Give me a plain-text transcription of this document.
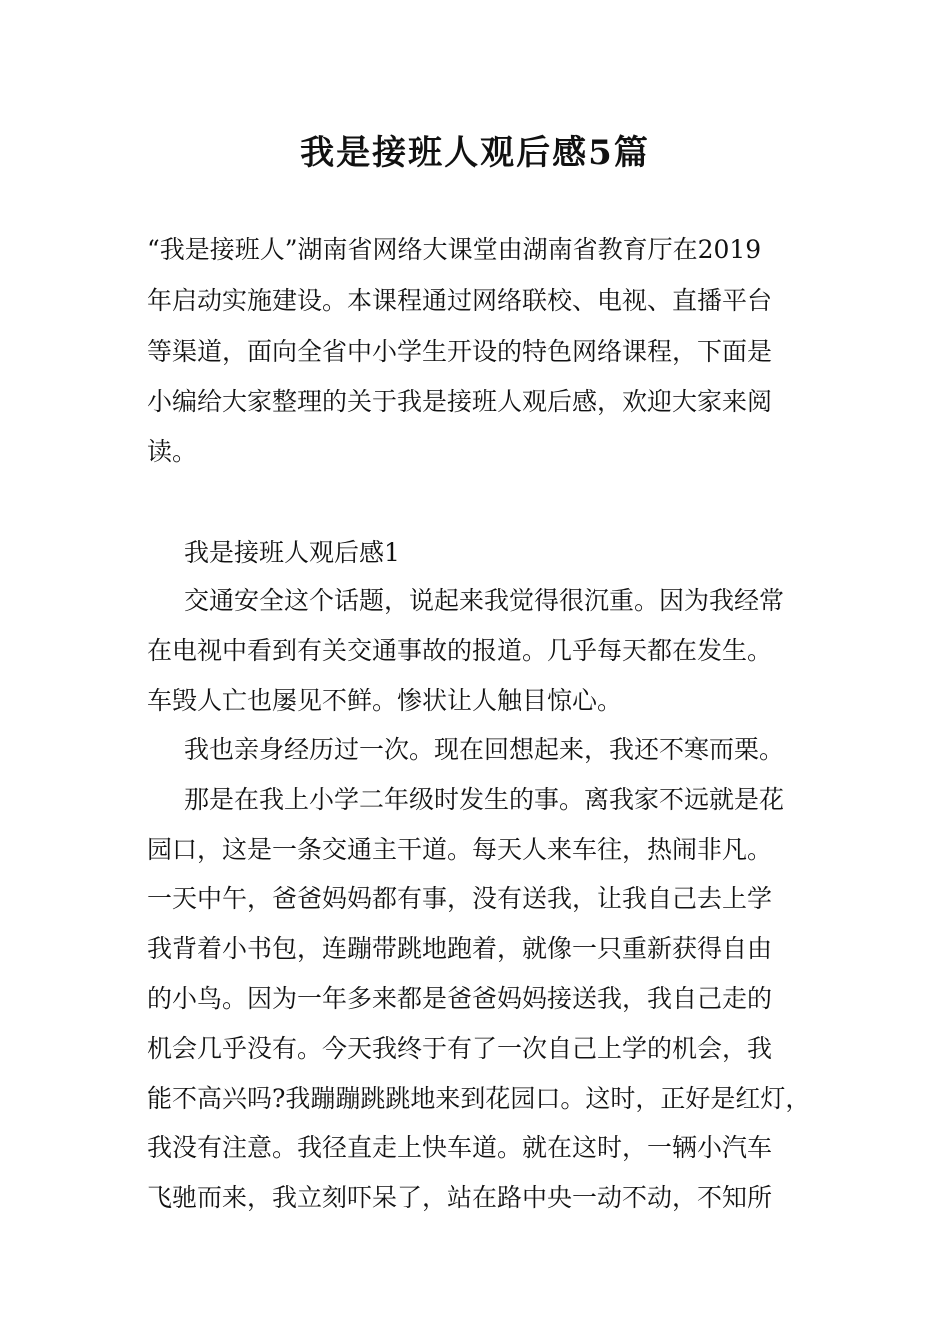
我是接班人观后感5篇

“我是接班人”湖南省网络大课堂由湖南省教育厅在2019

年启动实施建设。本课程通过网络联校、电视、直播平台

等渠道，面向全省中小学生开设的特色网络课程，下面是

小编给大家整理的关于我是接班人观后感，欢迎大家来阅

读。

我是接班人观后感1

交通安全这个话题，说起来我觉得很沉重。因为我经常

在电视中看到有关交通事故的报道。几乎每天都在发生。

车毁人亡也屡见不鲜。惨状让人触目惊心。

我也亲身经历过一次。现在回想起来，我还不寒而栗。

那是在我上小学二年级时发生的事。离我家不远就是花

园口，这是一条交通主干道。每天人来车往，热闹非凡。

一天中午，爸爸妈妈都有事，没有送我，让我自己去上学

我背着小书包，连蹦带跳地跑着，就像一只重新获得自由

的小鸟。因为一年多来都是爸爸妈妈接送我，我自己走的

机会几乎没有。今天我终于有了一次自己上学的机会，我

能不高兴吗?我蹦蹦跳跳地来到花园口。这时，正好是红灯，

我没有注意。我径直走上快车道。就在这时，一辆小汽车

飞驰而来，我立刻吓呆了，站在路中央一动不动，不知所
